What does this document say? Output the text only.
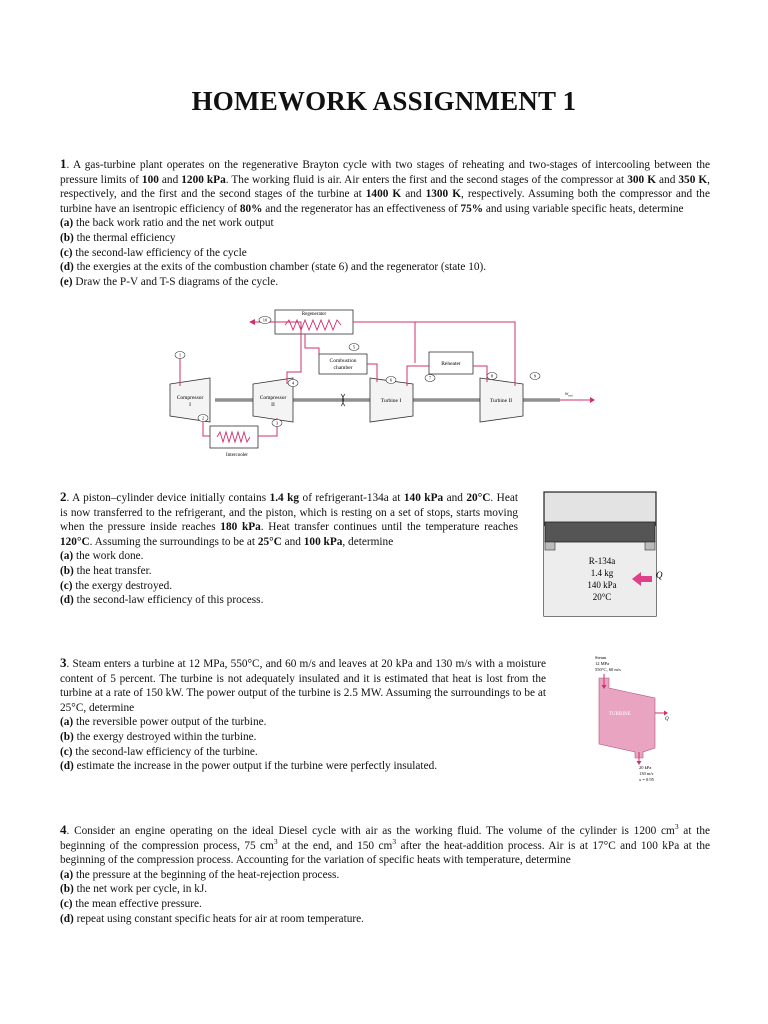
HOMEWORK ASSIGNMENT 1

1. A gas-turbine plant operates on the regenerative Brayton cycle with two stages of reheating and two-stages of intercooling between the pressure limits of 100 and 1200 kPa. The working fluid is air. Air enters the first and the second stages of the compressor at 300 K and 350 K, respectively, and the first and the second stages of the turbine at 1400 K and 1300 K, respectively. Assuming both the compressor and the turbine have an isentropic efficiency of 80% and the regenerator has an effectiveness of 75% and using variable specific heats, determine

(a) the back work ratio and the net work output

(b) the thermal efficiency

(c) the second-law efficiency of the cycle

(d) the exergies at the exits of the combustion chamber (state 6) and the regenerator (state 10).

(e) Draw the P-V and T-S diagrams of the cycle.

Regenerator
Combustion
chamber
Reheater
Compressor
I
Compressor
II
Turbine I	Turbine II
Intercooler
$w_{net}$
1
2
3
4
5
6	7	8	9
10

2. A piston–cylinder device initially contains 1.4 kg of refrigerant-134a at 140 kPa and 20°C. Heat is now transferred to the refrigerant, and the piston, which is resting on a set of stops, starts moving when the pressure inside reaches 180 kPa. Heat transfer continues until the temperature reaches 120°C. Assuming the surroundings to be at 25°C and 100 kPa, determine

(a) the work done.

(b) the heat transfer.

(c) the exergy destroyed.

(d) the second-law efficiency of this process.

R-134a
1.4 kg
140 kPa
20°C
Q

3. Steam enters a turbine at 12 MPa, 550°C, and 60 m/s and leaves at 20 kPa and 130 m/s with a moisture content of 5 percent. The turbine is not adequately insulated and it is estimated that heat is lost from the turbine at a rate of 150 kW. The power output of the turbine is 2.5 MW. Assuming the surroundings to be at 25°C, determine

(a) the reversible power output of the turbine.

(b) the exergy destroyed within the turbine.

(c) the second-law efficiency of the turbine.

(d) estimate the increase in the power output if the turbine were perfectly insulated.

Steam
12 MPa
550°C, 60 m/s
TURBINE
Q
20 kPa
130 m/s
x = 0.95

4. Consider an engine operating on the ideal Diesel cycle with air as the working fluid. The volume of the cylinder is 1200 $cm^3$ at the beginning of the compression process, 75 $cm^3$ at the end, and 150 $cm^3$ after the heat-addition process. Air is at 17°C and 100 kPa at the beginning of the compression process. Accounting for the variation of specific heats with temperature, determine

(a) the pressure at the beginning of the heat-rejection process.

(b) the net work per cycle, in kJ.

(c) the mean effective pressure.

(d) repeat using constant specific heats for air at room temperature.
